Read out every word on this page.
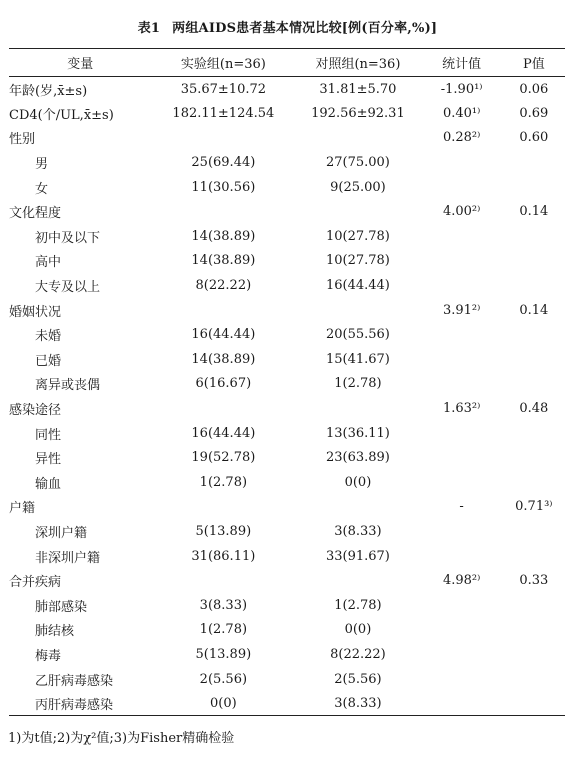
表1 两组AIDS患者基本情况比较[例(百分率,%)]
变量	实验组(n=36)	对照组(n=36)	统计值	P值
年龄(岁,x̄±s)	35.67±10.72	31.81±5.70	-1.90¹⁾	0.06
CD4(个/UL,x̄±s)	182.11±124.54	192.56±92.31	0.40¹⁾	0.69
性别			0.28²⁾	0.60
男	25(69.44)	27(75.00)		
女	11(30.56)	9(25.00)		
文化程度			4.00²⁾	0.14
初中及以下	14(38.89)	10(27.78)		
高中	14(38.89)	10(27.78)		
大专及以上	8(22.22)	16(44.44)		
婚姻状况			3.91²⁾	0.14
未婚	16(44.44)	20(55.56)		
已婚	14(38.89)	15(41.67)		
离异或丧偶	6(16.67)	1(2.78)		
感染途径			1.63²⁾	0.48
同性	16(44.44)	13(36.11)		
异性	19(52.78)	23(63.89)		
输血	1(2.78)	0(0)		
户籍			-	0.71³⁾
深圳户籍	5(13.89)	3(8.33)		
非深圳户籍	31(86.11)	33(91.67)		
合并疾病			4.98²⁾	0.33
肺部感染	3(8.33)	1(2.78)		
肺结核	1(2.78)	0(0)		
梅毒	5(13.89)	8(22.22)		
乙肝病毒感染	2(5.56)	2(5.56)		
丙肝病毒感染	0(0)	3(8.33)		
1)为t值;2)为χ²值;3)为Fisher精确检验
